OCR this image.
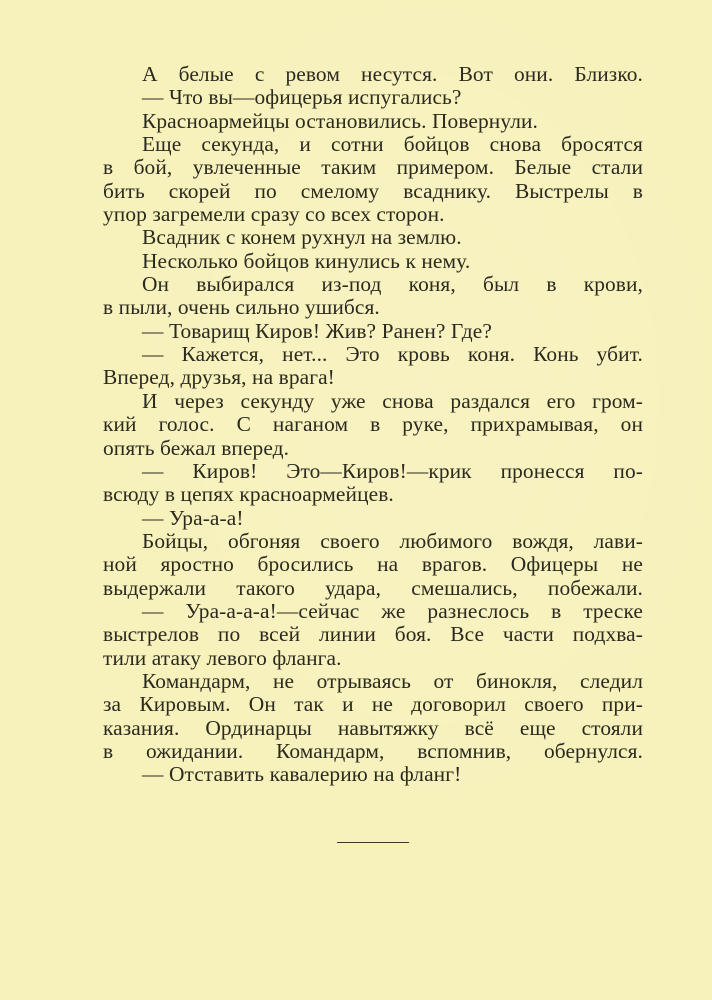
А белые с ревом несутся. Вот они. Близко.
— Что вы—офицерья испугались?
Красноармейцы остановились. Повернули.
Еще секунда, и сотни бойцов снова бросятся
в бой, увлеченные таким примером. Белые стали
бить скорей по смелому всаднику. Выстрелы в
упор загремели сразу со всех сторон.
Всадник с конем рухнул на землю.
Несколько бойцов кинулись к нему.
Он выбирался из-под коня, был в крови,
в пыли, очень сильно ушибся.
— Товарищ Киров! Жив? Ранен? Где?
— Кажется, нет... Это кровь коня. Конь убит.
Вперед, друзья, на врага!
И через секунду уже снова раздался его гром-
кий голос. С наганом в руке, прихрамывая, он
опять бежал вперед.
— Киров! Это—Киров!—крик пронесся по-
всюду в цепях красноармейцев.
— Ура-а-а!
Бойцы, обгоняя своего любимого вождя, лави-
ной яростно бросились на врагов. Офицеры не
выдержали такого удара, смешались, побежали.
— Ура-а-а-а!—сейчас же разнеслось в треске
выстрелов по всей линии боя. Все части подхва-
тили атаку левого фланга.
Командарм, не отрываясь от бинокля, следил
за Кировым. Он так и не договорил своего при-
казания. Ординарцы навытяжку всё еще стояли
в ожидании. Командарм, вспомнив, обернулся.
— Отставить кавалерию на фланг!
